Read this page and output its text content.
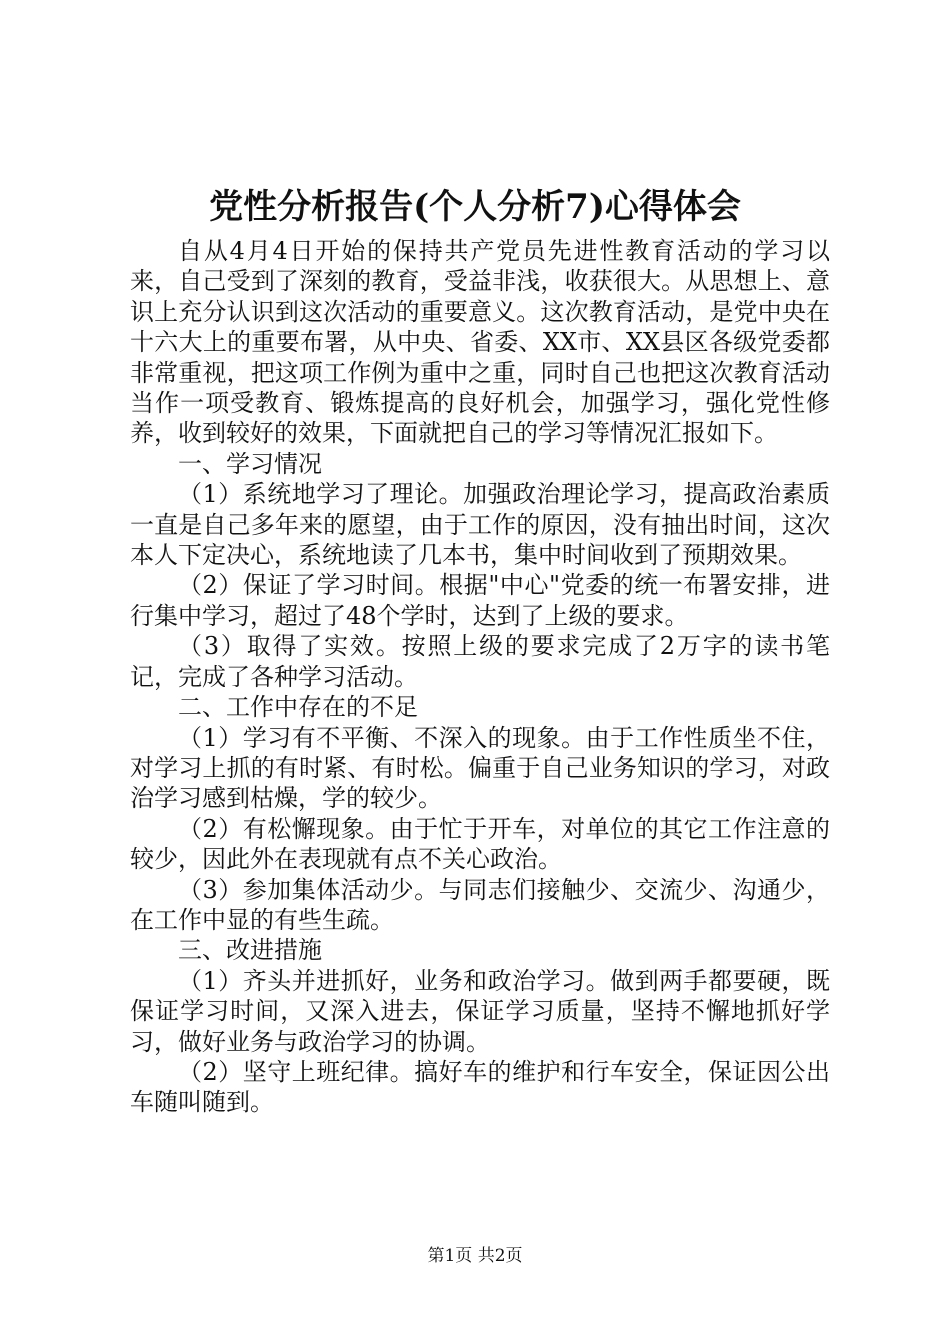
党性分析报告(个人分析7)心得体会

自从4月4日开始的保持共产党员先进性教育活动的学习以来，自己受到了深刻的教育，受益非浅，收获很大。从思想上、意识上充分认识到这次活动的重要意义。这次教育活动，是党中央在十六大上的重要布署，从中央、省委、XX市、XX县区各级党委都非常重视，把这项工作例为重中之重，同时自己也把这次教育活动当作一项受教育、锻炼提高的良好机会，加强学习，强化党性修养，收到较好的效果，下面就把自己的学习等情况汇报如下。

一、学习情况

（1）系统地学习了理论。加强政治理论学习，提高政治素质一直是自己多年来的愿望，由于工作的原因，没有抽出时间，这次本人下定决心，系统地读了几本书，集中时间收到了预期效果。

（2）保证了学习时间。根据"中心"党委的统一布署安排，进行集中学习，超过了48个学时，达到了上级的要求。

（3）取得了实效。按照上级的要求完成了2万字的读书笔记，完成了各种学习活动。

二、工作中存在的不足

（1）学习有不平衡、不深入的现象。由于工作性质坐不住，对学习上抓的有时紧、有时松。偏重于自己业务知识的学习，对政治学习感到枯燥，学的较少。

（2）有松懈现象。由于忙于开车，对单位的其它工作注意的较少，因此外在表现就有点不关心政治。

（3）参加集体活动少。与同志们接触少、交流少、沟通少，在工作中显的有些生疏。

三、改进措施

（1）齐头并进抓好，业务和政治学习。做到两手都要硬，既保证学习时间，又深入进去，保证学习质量，坚持不懈地抓好学习，做好业务与政治学习的协调。

（2）坚守上班纪律。搞好车的维护和行车安全，保证因公出车随叫随到。

第1页 共2页
